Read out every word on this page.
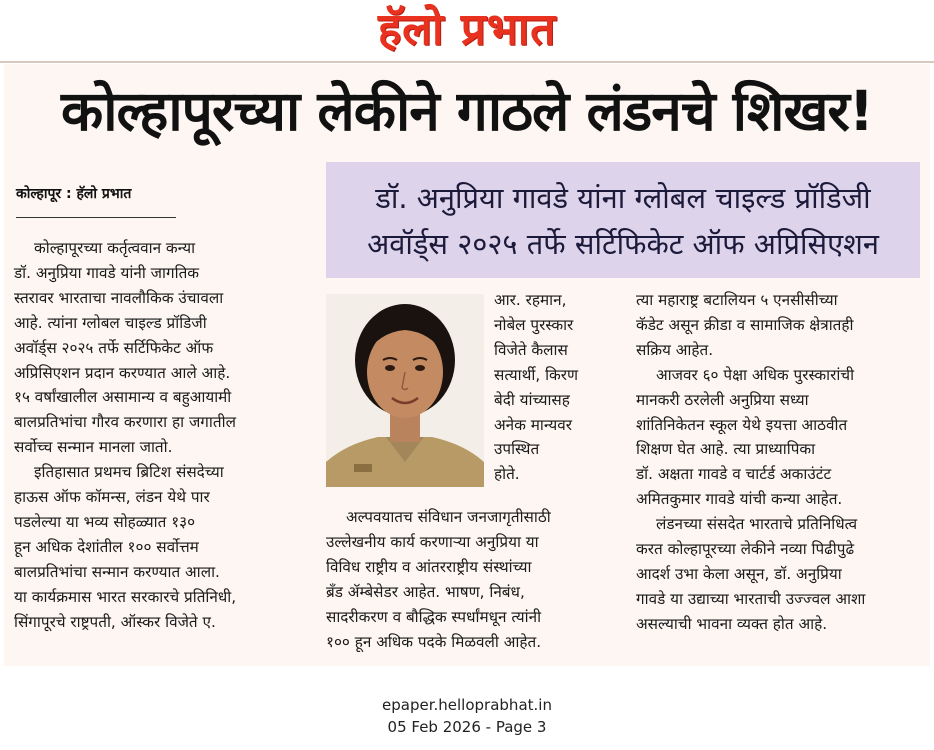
हॅलो प्रभात
कोल्हापूरच्या लेकीने गाठले लंडनचे शिखर!
कोल्हापूर : हॅलो प्रभात	डॉ. अनुप्रिया गावडे यांना ग्लोबल चाइल्ड प्रॉडिजी
अवॉर्ड्स २०२५ तर्फे सर्टिफिकेट ऑफ अप्रिसिएशन
कोल्हापूरच्या कर्तृत्ववान कन्या
डॉ. अनुप्रिया गावडे यांनी जागतिक
स्तरावर भारताचा नावलौकिक उंचावला
आहे. त्यांना ग्लोबल चाइल्ड प्रॉडिजी
अवॉर्ड्स २०२५ तर्फे सर्टिफिकेट ऑफ
अप्रिसिएशन प्रदान करण्यात आले आहे.
१५ वर्षांखालील असामान्य व बहुआयामी
बालप्रतिभांचा गौरव करणारा हा जगातील
सर्वोच्च सन्मान मानला जातो.
इतिहासात प्रथमच ब्रिटिश संसदेच्या
हाऊस ऑफ कॉमन्स, लंडन येथे पार
पडलेल्या या भव्य सोहळ्यात १३०
हून अधिक देशांतील १०० सर्वोत्तम
बालप्रतिभांचा सन्मान करण्यात आला.
या कार्यक्रमास भारत सरकारचे प्रतिनिधी,
सिंगापूरचे राष्ट्रपती, ऑस्कर विजेते ए.
आर. रहमान,
नोबेल पुरस्कार
विजेते कैलास
सत्यार्थी, किरण
बेदी यांच्यासह
अनेक मान्यवर
उपस्थित
होते.
अल्पवयातच संविधान जनजागृतीसाठी
उल्लेखनीय कार्य करणाऱ्या अनुप्रिया या
विविध राष्ट्रीय व आंतरराष्ट्रीय संस्थांच्या
ब्रँड ॲम्बेसेडर आहेत. भाषण, निबंध,
सादरीकरण व बौद्धिक स्पर्धांमधून त्यांनी
१०० हून अधिक पदके मिळवली आहेत.
त्या महाराष्ट्र बटालियन ५ एनसीसीच्या
कॅडेट असून क्रीडा व सामाजिक क्षेत्रातही
सक्रिय आहेत.
आजवर ६० पेक्षा अधिक पुरस्कारांची
मानकरी ठरलेली अनुप्रिया सध्या
शांतिनिकेतन स्कूल येथे इयत्ता आठवीत
शिक्षण घेत आहे. त्या प्राध्यापिका
डॉ. अक्षता गावडे व चार्टर्ड अकाउंटंट
अमितकुमार गावडे यांची कन्या आहेत.
लंडनच्या संसदेत भारताचे प्रतिनिधित्व
करत कोल्हापूरच्या लेकीने नव्या पिढीपुढे
आदर्श उभा केला असून, डॉ. अनुप्रिया
गावडे या उद्याच्या भारताची उज्ज्वल आशा
असल्याची भावना व्यक्त होत आहे.
epaper.helloprabhat.in
05 Feb 2026 - Page 3
